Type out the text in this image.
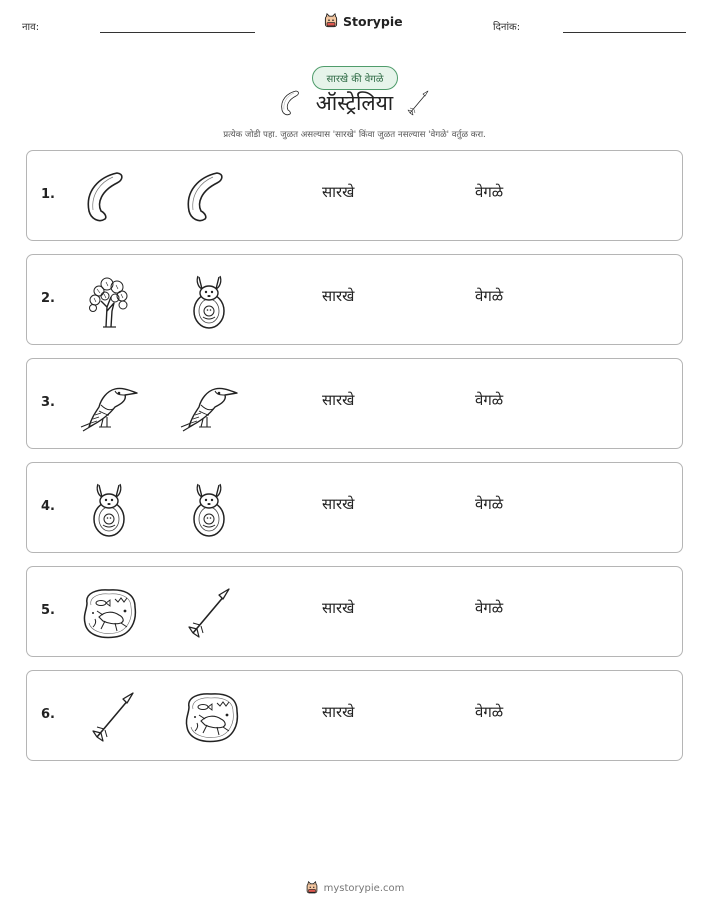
नाव:	Storypie	दिनांक:
सारखे की वेगळे
ऑस्ट्रेलिया
प्रत्येक जोडी पहा. जुळत असल्यास 'सारखे' किंवा जुळत नसल्यास 'वेगळे' वर्तुळ करा.
1.	सारखे	वेगळे
2.	सारखे	वेगळे
3.	सारखे	वेगळे
4.	सारखे	वेगळे
5.	सारखे	वेगळे
6.	सारखे	वेगळे
mystorypie.com
